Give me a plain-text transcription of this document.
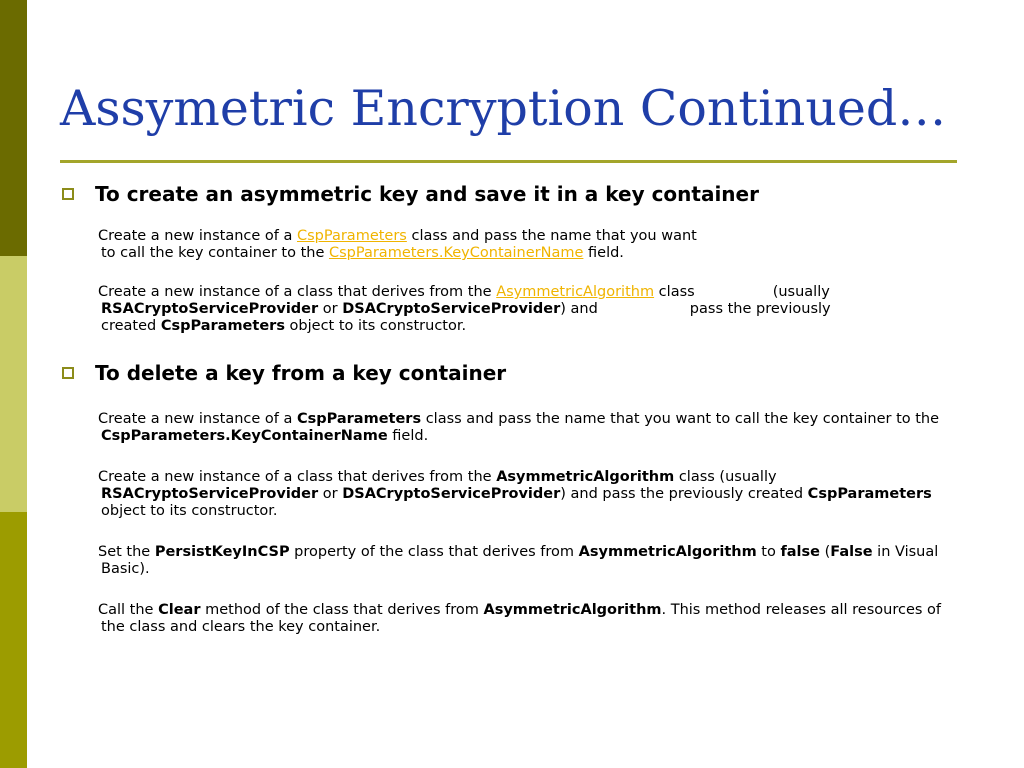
Assymetric Encryption Continued…
To create an asymmetric key and save it in a key container

Create a new instance of a CspParameters class and pass the name that you want
to call the key container to the CspParameters.KeyContainerName field.

Create a new instance of a class that derives from the AsymmetricAlgorithm class	(usually
RSACryptoServiceProvider or DSACryptoServiceProvider) and	pass the previously
created CspParameters object to its constructor.

To delete a key from a key container

Create a new instance of a CspParameters class and pass the name that you want to call the key container to the CspParameters.KeyContainerName field.

Create a new instance of a class that derives from the AsymmetricAlgorithm class (usually RSACryptoServiceProvider or DSACryptoServiceProvider) and pass the previously created CspParameters object to its constructor.

Set the PersistKeyInCSP property of the class that derives from AsymmetricAlgorithm to false (False in Visual Basic).

Call the Clear method of the class that derives from AsymmetricAlgorithm. This method releases all resources of the class and clears the key container.
